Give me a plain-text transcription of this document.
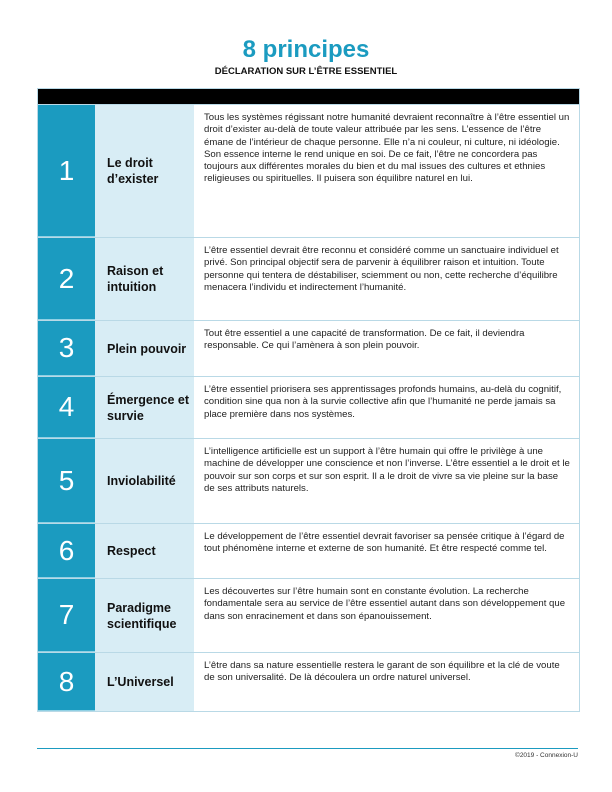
8 principes
DÉCLARATION SUR L’ÊTRE ESSENTIEL
1	Le droit d’exister
Tous les systèmes régissant notre humanité devraient reconnaître à l’être essentiel un droit d’exister au-delà de toute valeur attribuée par les sens. L’essence de l’être émane de l’intérieur de chaque personne. Elle n’a ni couleur, ni culture, ni idéologie. Son essence interne le rend unique en soi. De ce fait, l’être ne concordera pas toujours aux différentes morales du bien et du mal issues des cultures et ethnies religieuses ou spirituelles. Il puisera son équilibre naturel en lui.
2	Raison et intuition
L’être essentiel devrait être reconnu et considéré comme un sanctuaire individuel et privé. Son principal objectif sera de parvenir à équilibrer raison et intuition. Toute personne qui tentera de déstabiliser, sciemment ou non, cette recherche d’équilibre menacera l’individu et indirectement l’humanité.
3	Plein pouvoir
Tout être essentiel a une capacité de transformation. De ce fait, il deviendra responsable. Ce qui l’amènera à son plein pouvoir.
4	Émergence et survie
L’être essentiel priorisera ses apprentissages profonds humains, au-delà du cognitif, condition sine qua non à la survie collective afin que l’humanité ne perde jamais sa place première dans nos systèmes.
5	Inviolabilité
L’intelligence artificielle est un support à l’être humain qui offre le privilège à une machine de développer une conscience et non l’inverse. L’être essentiel a le droit et le pouvoir sur son corps et sur son esprit. Il a le droit de vivre sa vie pleine sur la base de ses attributs naturels.
6	Respect
Le développement de l’être essentiel devrait favoriser sa pensée critique à l’égard de tout phénomène interne et externe de son humanité. Et être respecté comme tel.
7	Paradigme scientifique
Les découvertes sur l’être humain sont en constante évolution. La recherche fondamentale sera au service de l’être essentiel autant dans son développement que dans son enracinement et dans son épanouissement.
8	L’Universel
L’être dans sa nature essentielle restera le garant de son équilibre et la clé de voute de son universalité. De là découlera un ordre naturel universel.
©2019 - Connexion-U
